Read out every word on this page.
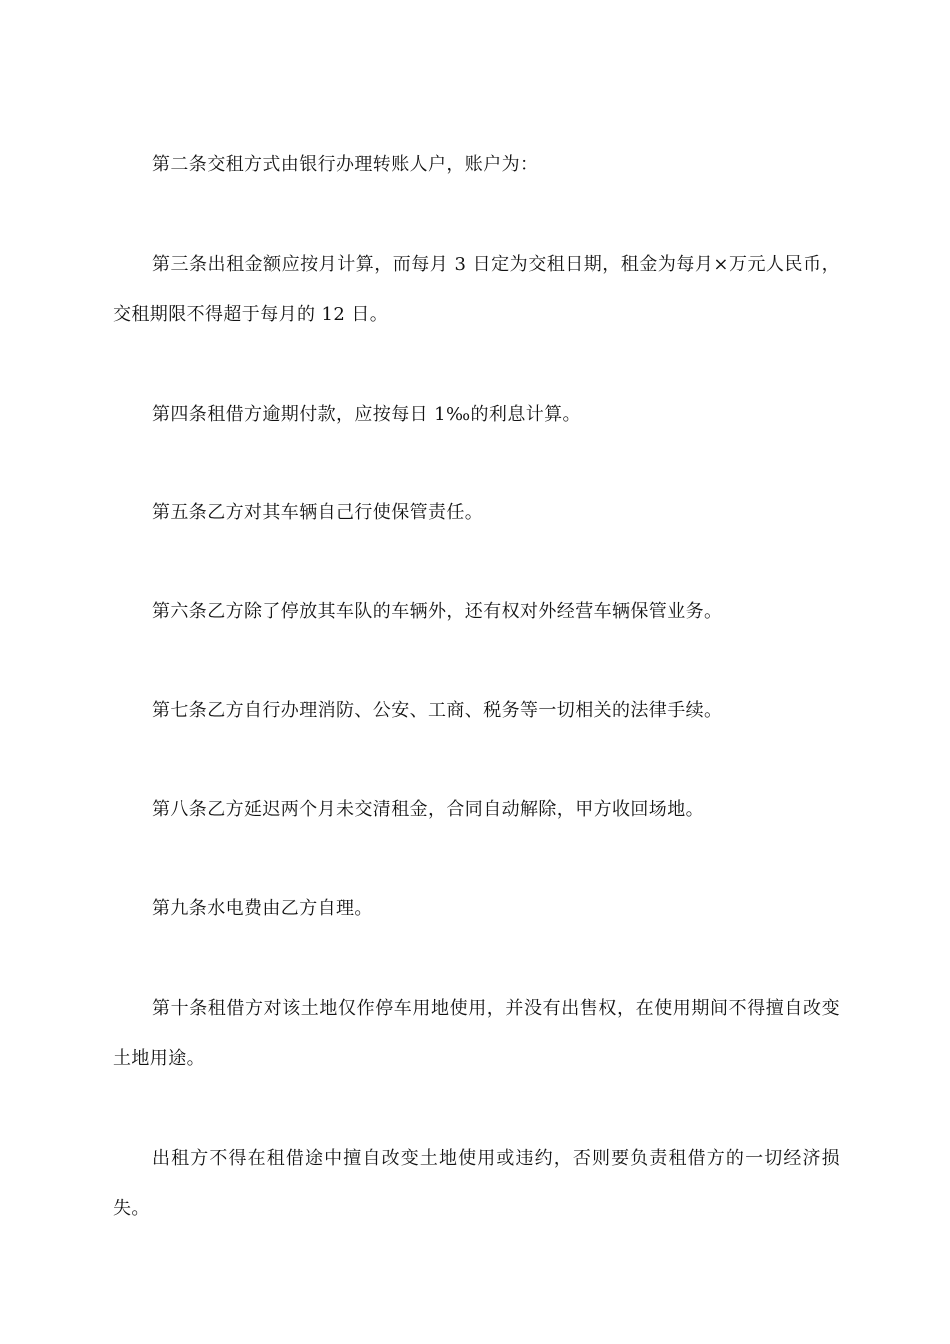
第二条交租方式由银行办理转账人户，账户为：

第三条出租金额应按月计算，而每月 3 日定为交租日期，租金为每月×万元人民币，交租期限不得超于每月的 12 日。

第四条租借方逾期付款，应按每日 1‰的利息计算。

第五条乙方对其车辆自己行使保管责任。

第六条乙方除了停放其车队的车辆外，还有权对外经营车辆保管业务。

第七条乙方自行办理消防、公安、工商、税务等一切相关的法律手续。

第八条乙方延迟两个月未交清租金，合同自动解除，甲方收回场地。

第九条水电费由乙方自理。

第十条租借方对该土地仅作停车用地使用，并没有出售权，在使用期间不得擅自改变土地用途。

出租方不得在租借途中擅自改变土地使用或违约，否则要负责租借方的一切经济损失。
